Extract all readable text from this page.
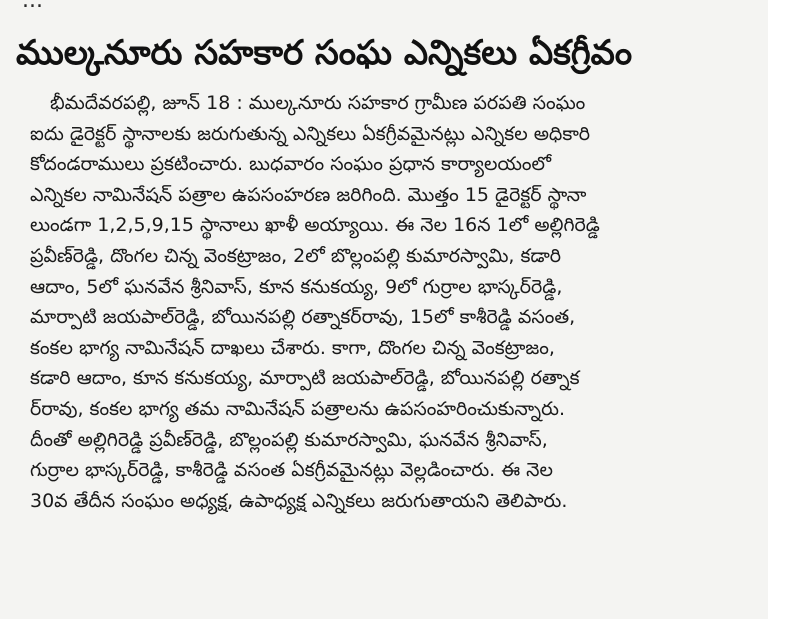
...
ముల్కనూరు సహకార సంఘ ఎన్నికలు ఏకగ్రీవం
భీమదేవరపల్లి, జూన్ 18 : ముల్కనూరు సహకార గ్రామీణ పరపతి సంఘం
ఐదు డైరెక్టర్ స్థానాలకు జరుగుతున్న ఎన్నికలు ఏకగ్రీవమైనట్లు ఎన్నికల అధికారి
కోదండరాములు ప్రకటించారు. బుధవారం సంఘం ప్రధాన కార్యాలయంలో
ఎన్నికల నామినేషన్ పత్రాల ఉపసంహరణ జరిగింది. మొత్తం 15 డైరెక్టర్ స్థానా
లుండగా 1,2,5,9,15 స్థానాలు ఖాళీ అయ్యాయి. ఈ నెల 16న 1లో అల్లిగిరెడ్డి
ప్రవీణ్‌రెడ్డి, దొంగల చిన్న వెంకట్రాజం, 2లో బొల్లంపల్లి కుమారస్వామి, కడారి
ఆదాం, 5లో ఘనవేన శ్రీనివాస్, కూన కనుకయ్య, 9లో గుర్రాల భాస్కర్‌రెడ్డి,
మార్పాటి జయపాల్‌రెడ్డి, బోయినపల్లి రత్నాకర్‌రావు, 15లో కాశీరెడ్డి వసంత,
కంకల భాగ్య నామినేషన్ దాఖలు చేశారు. కాగా, దొంగల చిన్న వెంకట్రాజం,
కడారి ఆదాం, కూన కనుకయ్య, మార్పాటి జయపాల్‌రెడ్డి, బోయినపల్లి రత్నాక
ర్‌రావు, కంకల భాగ్య తమ నామినేషన్ పత్రాలను ఉపసంహరించుకున్నారు.
దీంతో అల్లిగిరెడ్డి ప్రవీణ్‌రెడ్డి, బొల్లంపల్లి కుమారస్వామి, ఘనవేన శ్రీనివాస్,
గుర్రాల భాస్కర్‌రెడ్డి, కాశీరెడ్డి వసంత ఏకగ్రీవమైనట్లు వెల్లడించారు. ఈ నెల
30వ తేదీన సంఘం అధ్యక్ష, ఉపాధ్యక్ష ఎన్నికలు జరుగుతాయని తెలిపారు.
